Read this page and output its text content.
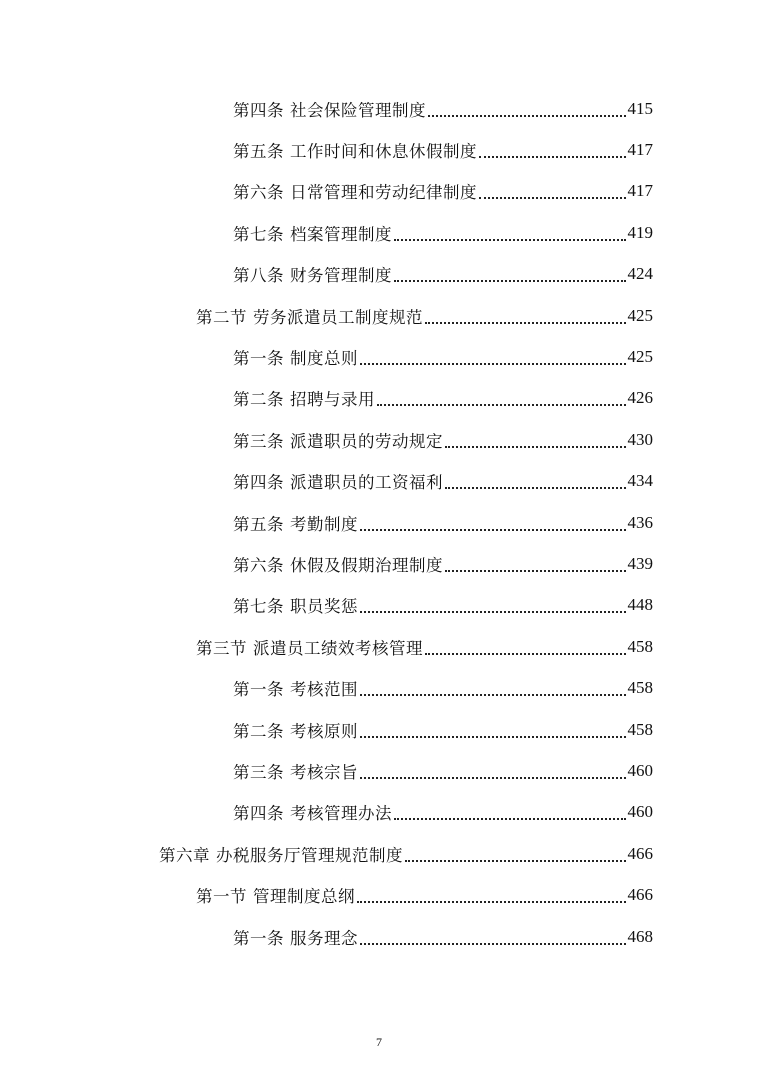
第四条 社会保险管理制度	415
第五条 工作时间和休息休假制度	417
第六条 日常管理和劳动纪律制度	417
第七条 档案管理制度	419
第八条 财务管理制度	424
第二节 劳务派遣员工制度规范	425
第一条 制度总则	425
第二条 招聘与录用	426
第三条 派遣职员的劳动规定	430
第四条 派遣职员的工资福利	434
第五条 考勤制度	436
第六条 休假及假期治理制度	439
第七条 职员奖惩	448
第三节 派遣员工绩效考核管理	458
第一条 考核范围	458
第二条 考核原则	458
第三条 考核宗旨	460
第四条 考核管理办法	460
第六章 办税服务厅管理规范制度	466
第一节 管理制度总纲	466
第一条 服务理念	468
7
